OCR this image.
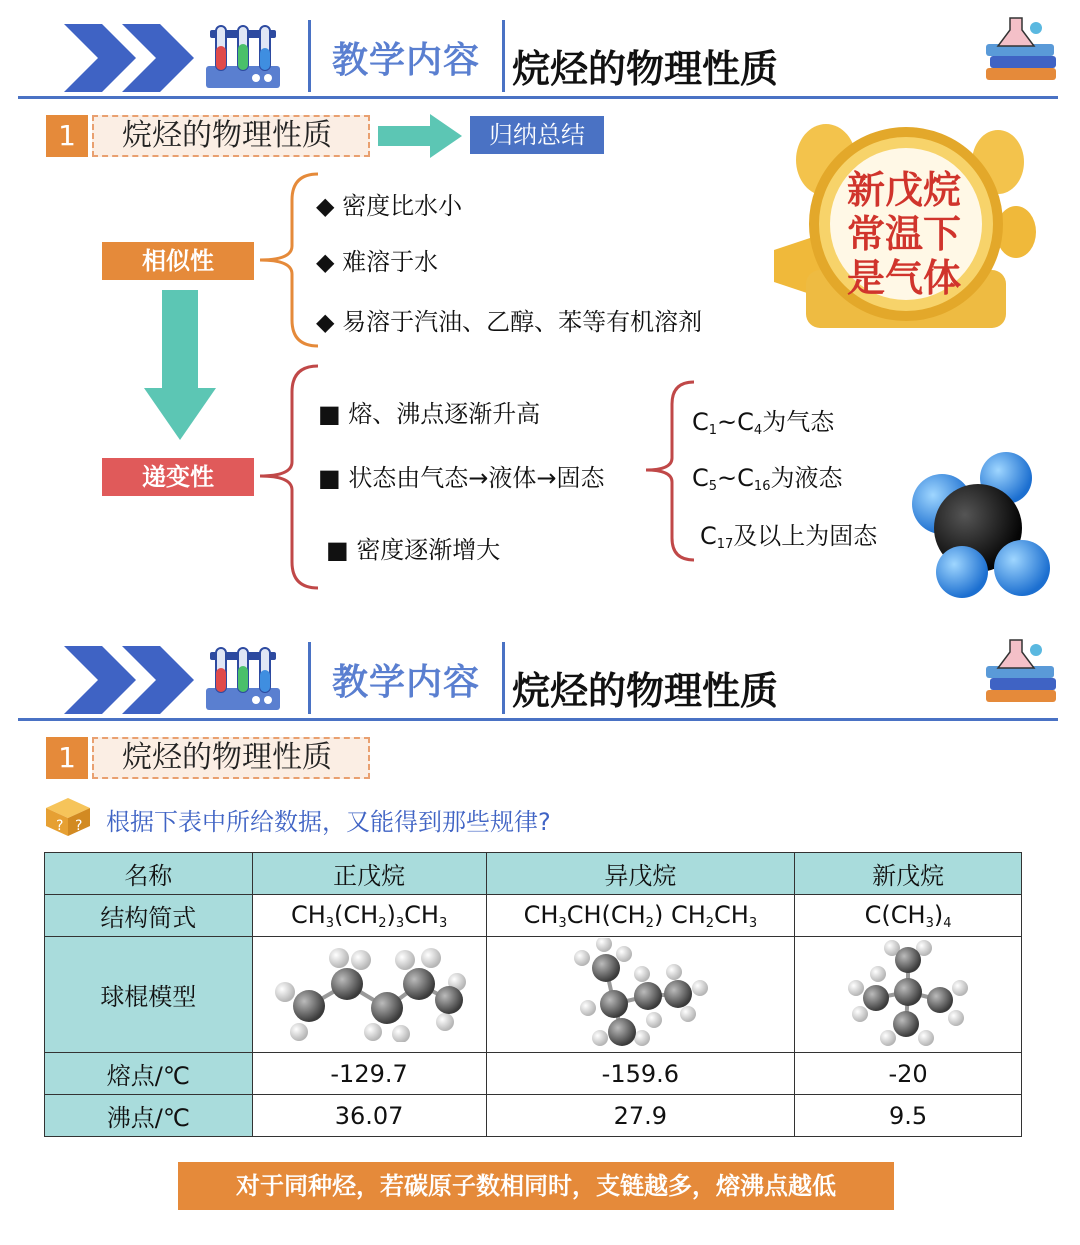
教学内容 烷烃的物理性质
1	烷烃的物理性质	归纳总结
相似性
◆ 密度比水小
◆ 难溶于水
◆ 易溶于汽油、乙醇、苯等有机溶剂
递变性
■ 熔、沸点逐渐升高
■ 状态由气态→液体→固态
■ 密度逐渐增大
$C_1\sim C_4$为气态
$C_5\sim C_{16}$为液态
$C_{17}$及以上为固态
新戊烷
常温下
是气体
教学内容 烷烃的物理性质
1	烷烃的物理性质
? ? 根据下表中所给数据，又能得到那些规律?
名称	正戊烷	异戊烷	新戊烷
结构简式	$CH_3(CH_2)_3CH_3$	$CH_3CH(CH_2)$ $CH_2CH_3$	$C(CH_3)_4$
球棍模型			
熔点/℃	-129.7	-159.6	-20
沸点/℃	36.07	27.9	9.5
对于同种烃，若碳原子数相同时，支链越多，熔沸点越低
